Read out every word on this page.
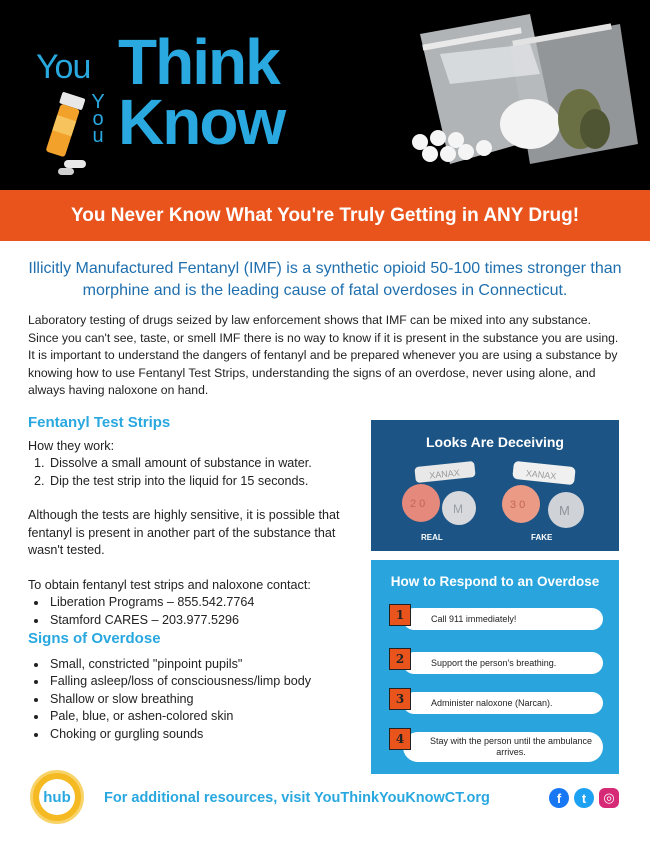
You Think
You Know
You Never Know What You're Truly Getting in ANY Drug!
Illicitly Manufactured Fentanyl (IMF) is a synthetic opioid 50-100 times stronger than morphine and is the leading cause of fatal overdoses in Connecticut.
Laboratory testing of drugs seized by law enforcement shows that IMF can be mixed into any substance. Since you can't see, taste, or smell IMF there is no way to know if it is present in the substance you are using. It is important to understand the dangers of fentanyl and be prepared whenever you are using a substance by knowing how to use Fentanyl Test Strips, understanding the signs of an overdose, never using alone, and always having naloxone on hand.
Fentanyl Test Strips
How they work:
1. Dissolve a small amount of substance in water.
2. Dip the test strip into the liquid for 15 seconds.
Although the tests are highly sensitive, it is possible that fentanyl is present in another part of the substance that wasn't tested.
To obtain fentanyl test strips and naloxone contact:
• Liberation Programs – 855.542.7764
• Stamford CARES – 203.977.5296
Signs of Overdose
• Small, constricted "pinpoint pupils"
• Falling asleep/loss of consciousness/limp body
• Shallow or slow breathing
• Pale, blue, or ashen-colored skin
• Choking or gurgling sounds
Looks Are Deceiving
XANAX
2 0 M
XANAX
3 0	M
REAL	FAKE
How to Respond to an Overdose
Call 911 immediately!
1
Support the person's breathing.
2
Administer naloxone (Narcan).
3
Stay with the person until the ambulance arrives.
4
hub For additional resources, visit YouThinkYouKnowCT.org	f t ◎
